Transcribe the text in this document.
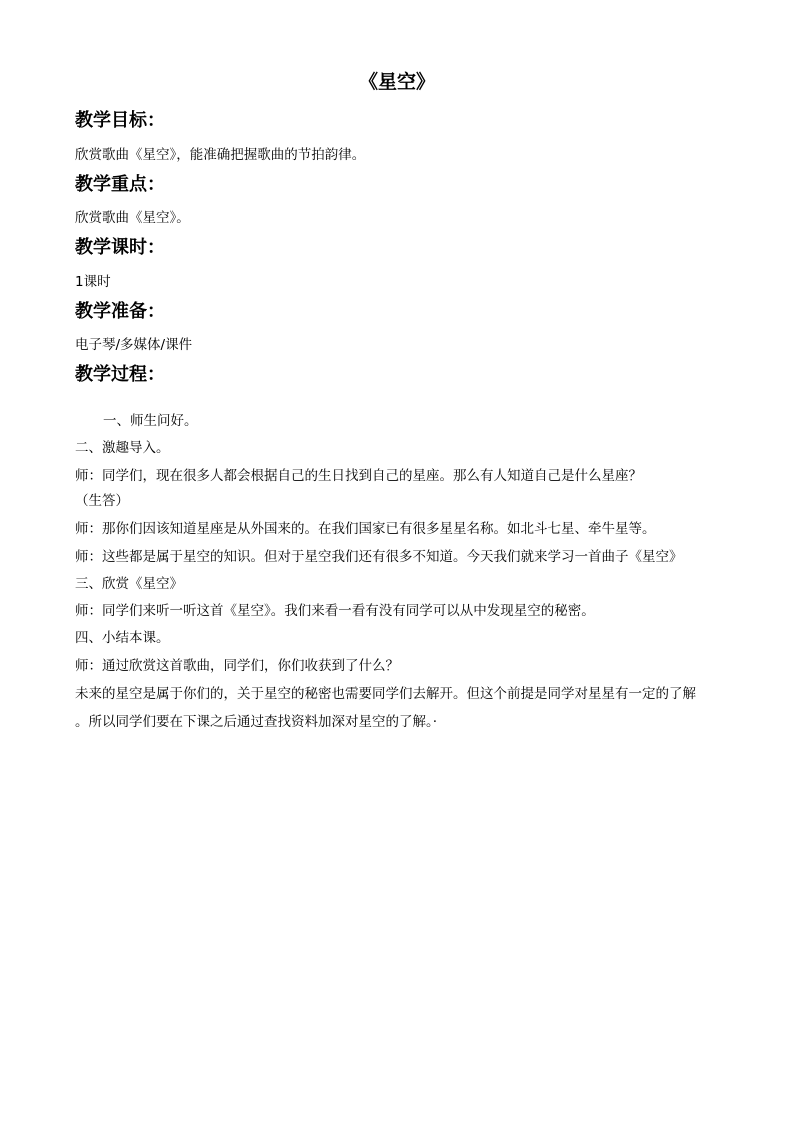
《星空》
教学目标：
欣赏歌曲《星空》，能准确把握歌曲的节拍韵律。
教学重点：
欣赏歌曲《星空》。
教学课时：
1课时
教学准备：
电子琴/多媒体/课件
教学过程：
一、师生问好。
二、激趣导入。
师：同学们，现在很多人都会根据自己的生日找到自己的星座。那么有人知道自己是什么星座？
（生答）
师：那你们因该知道星座是从外国来的。在我们国家已有很多星星名称。如北斗七星、牵牛星等。
师：这些都是属于星空的知识。但对于星空我们还有很多不知道。今天我们就来学习一首曲子《星空》
三、欣赏《星空》
师：同学们来听一听这首《星空》。我们来看一看有没有同学可以从中发现星空的秘密。
四、小结本课。
师：通过欣赏这首歌曲，同学们，你们收获到了什么？
未来的星空是属于你们的，关于星空的秘密也需要同学们去解开。但这个前提是同学对星星有一定的了解
。所以同学们要在下课之后通过查找资料加深对星空的了解。·
